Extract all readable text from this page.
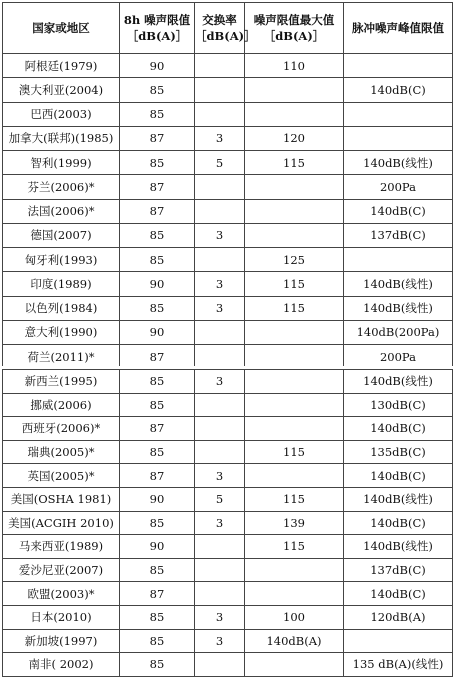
国家或地区	8h 噪声限值［dB(A)］	交换率［dB(A)］	噪声限值最大值［dB(A)］	脉冲噪声峰值限值
阿根廷(1979)	90		110	
澳大利亚(2004)	85			140dB(C)
巴西(2003)	85			
加拿大(联邦)(1985)	87	3	120	
智利(1999)	85	5	115	140dB(线性)
芬兰(2006)*	87			200Pa
法国(2006)*	87			140dB(C)
德国(2007)	85	3		137dB(C)
匈牙利(1993)	85		125	
印度(1989)	90	3	115	140dB(线性)
以色列(1984)	85	3	115	140dB(线性)
意大利(1990)	90			140dB(200Pa)
荷兰(2011)*	87			200Pa
新西兰(1995)	85	3		140dB(线性)
挪威(2006)	85			130dB(C)
西班牙(2006)*	87			140dB(C)
瑞典(2005)*	85		115	135dB(C)
英国(2005)*	87	3		140dB(C)
美国(OSHA 1981)	90	5	115	140dB(线性)
美国(ACGIH 2010)	85	3	139	140dB(C)
马来西亚(1989)	90		115	140dB(线性)
爱沙尼亚(2007)	85			137dB(C)
欧盟(2003)*	87			140dB(C)
日本(2010)	85	3	100	120dB(A)
新加坡(1997)	85	3	140dB(A)	
南非( 2002)	85			135 dB(A)(线性)
